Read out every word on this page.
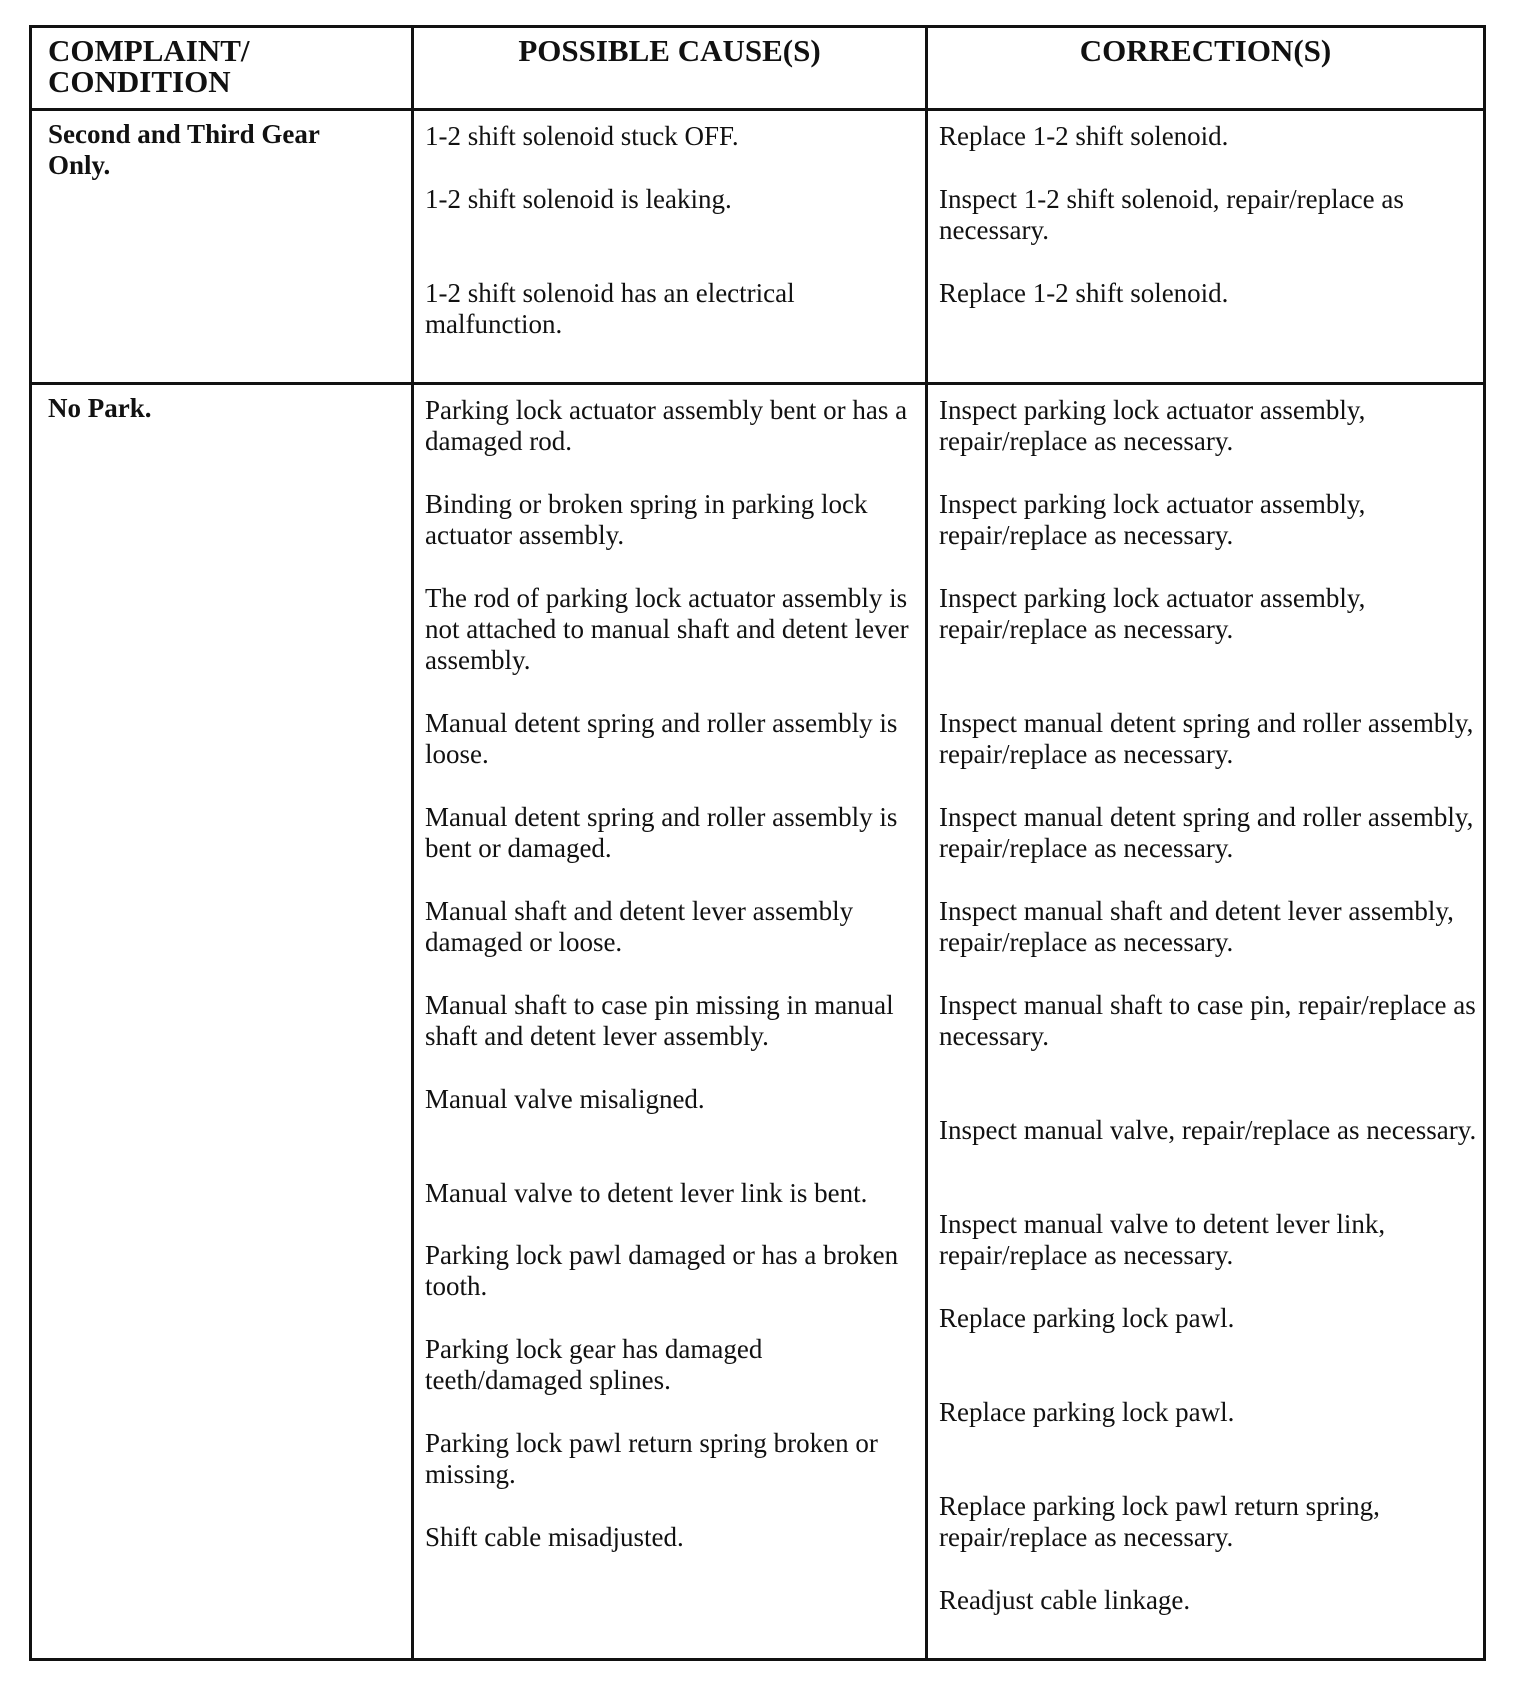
COMPLAINT/
CONDITION
POSSIBLE CAUSE(S)	CORRECTION(S)
Second and Third Gear Only.
1-2 shift solenoid stuck OFF.
1-2 shift solenoid is leaking.
1-2 shift solenoid has an electrical malfunction.
Replace 1-2 shift solenoid.
Inspect 1-2 shift solenoid, repair/replace as necessary.
Replace 1-2 shift solenoid.
No Park.	Parking lock actuator assembly bent or has a damaged rod.
Binding or broken spring in parking lock actuator assembly.
The rod of parking lock actuator assembly is not attached to manual shaft and detent lever assembly.
Manual detent spring and roller assembly is loose.
Manual detent spring and roller assembly is bent or damaged.
Manual shaft and detent lever assembly damaged or loose.
Manual shaft to case pin missing in manual shaft and detent lever assembly.
Manual valve misaligned.
Manual valve to detent lever link is bent.
Parking lock pawl damaged or has a broken tooth.
Parking lock gear has damaged teeth/damaged splines.
Parking lock pawl return spring broken or missing.
Shift cable misadjusted.
Inspect parking lock actuator assembly, repair/replace as necessary.
Inspect parking lock actuator assembly, repair/replace as necessary.
Inspect parking lock actuator assembly, repair/replace as necessary.
Inspect manual detent spring and roller assembly, repair/replace as necessary.
Inspect manual detent spring and roller assembly, repair/replace as necessary.
Inspect manual shaft and detent lever assembly, repair/replace as necessary.
Inspect manual shaft to case pin, repair/replace as necessary.
Inspect manual valve, repair/replace as necessary.
Inspect manual valve to detent lever link, repair/replace as necessary.
Replace parking lock pawl.
Replace parking lock pawl.
Replace parking lock pawl return spring, repair/replace as necessary.
Readjust cable linkage.
